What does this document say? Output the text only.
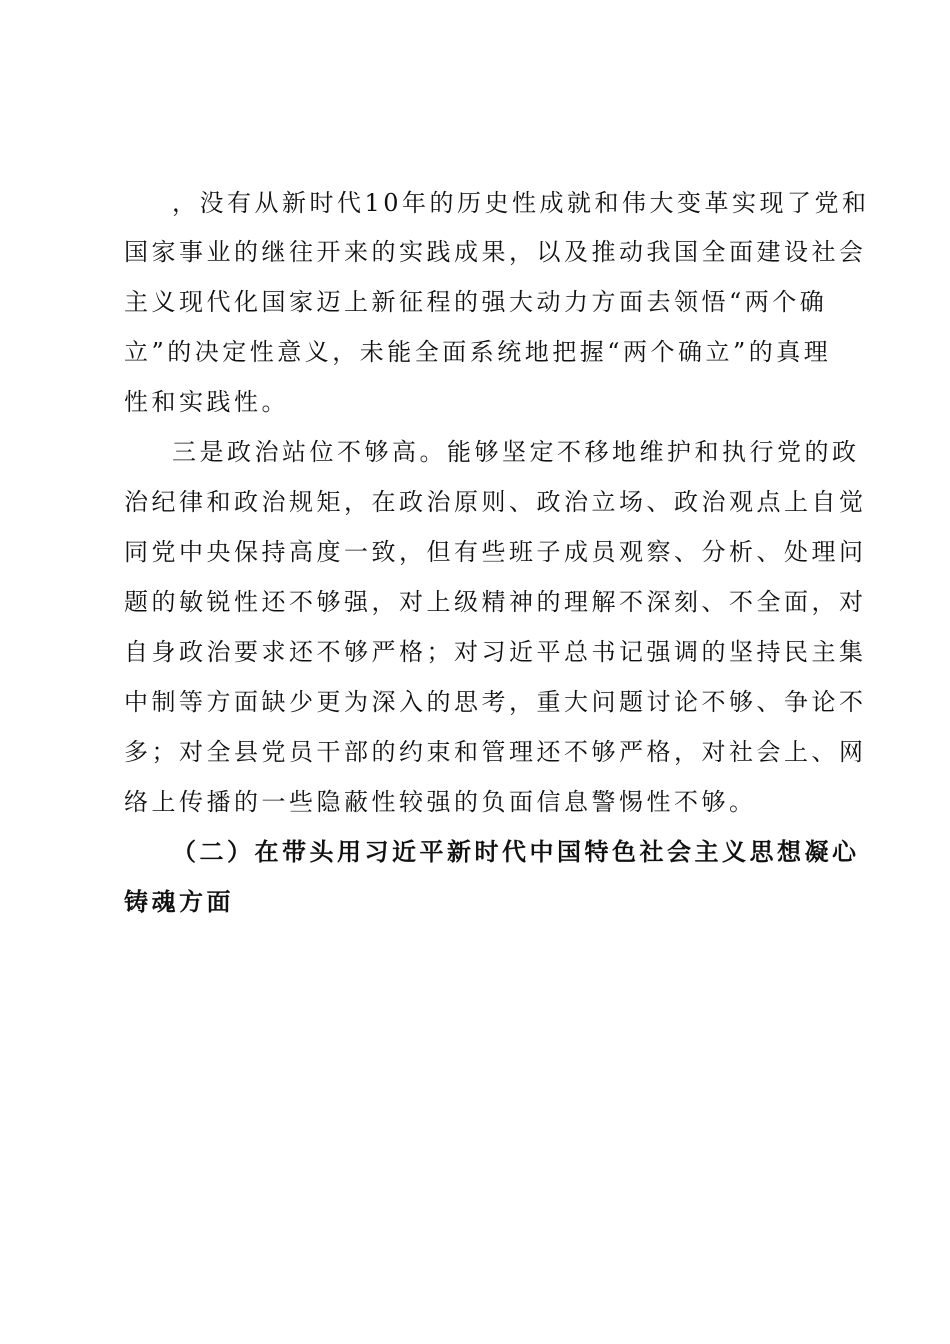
，没有从新时代10年的历史性成就和伟大变革实现了党和
国家事业的继往开来的实践成果，以及推动我国全面建设社会
主义现代化国家迈上新征程的强大动力方面去领悟“两个确
立”的决定性意义，未能全面系统地把握“两个确立”的真理
性和实践性。
三是政治站位不够高。能够坚定不移地维护和执行党的政
治纪律和政治规矩，在政治原则、政治立场、政治观点上自觉
同党中央保持高度一致，但有些班子成员观察、分析、处理问
题的敏锐性还不够强，对上级精神的理解不深刻、不全面，对
自身政治要求还不够严格；对习近平总书记强调的坚持民主集
中制等方面缺少更为深入的思考，重大问题讨论不够、争论不
多；对全县党员干部的约束和管理还不够严格，对社会上、网
络上传播的一些隐蔽性较强的负面信息警惕性不够。
（二）在带头用习近平新时代中国特色社会主义思想凝心
铸魂方面
